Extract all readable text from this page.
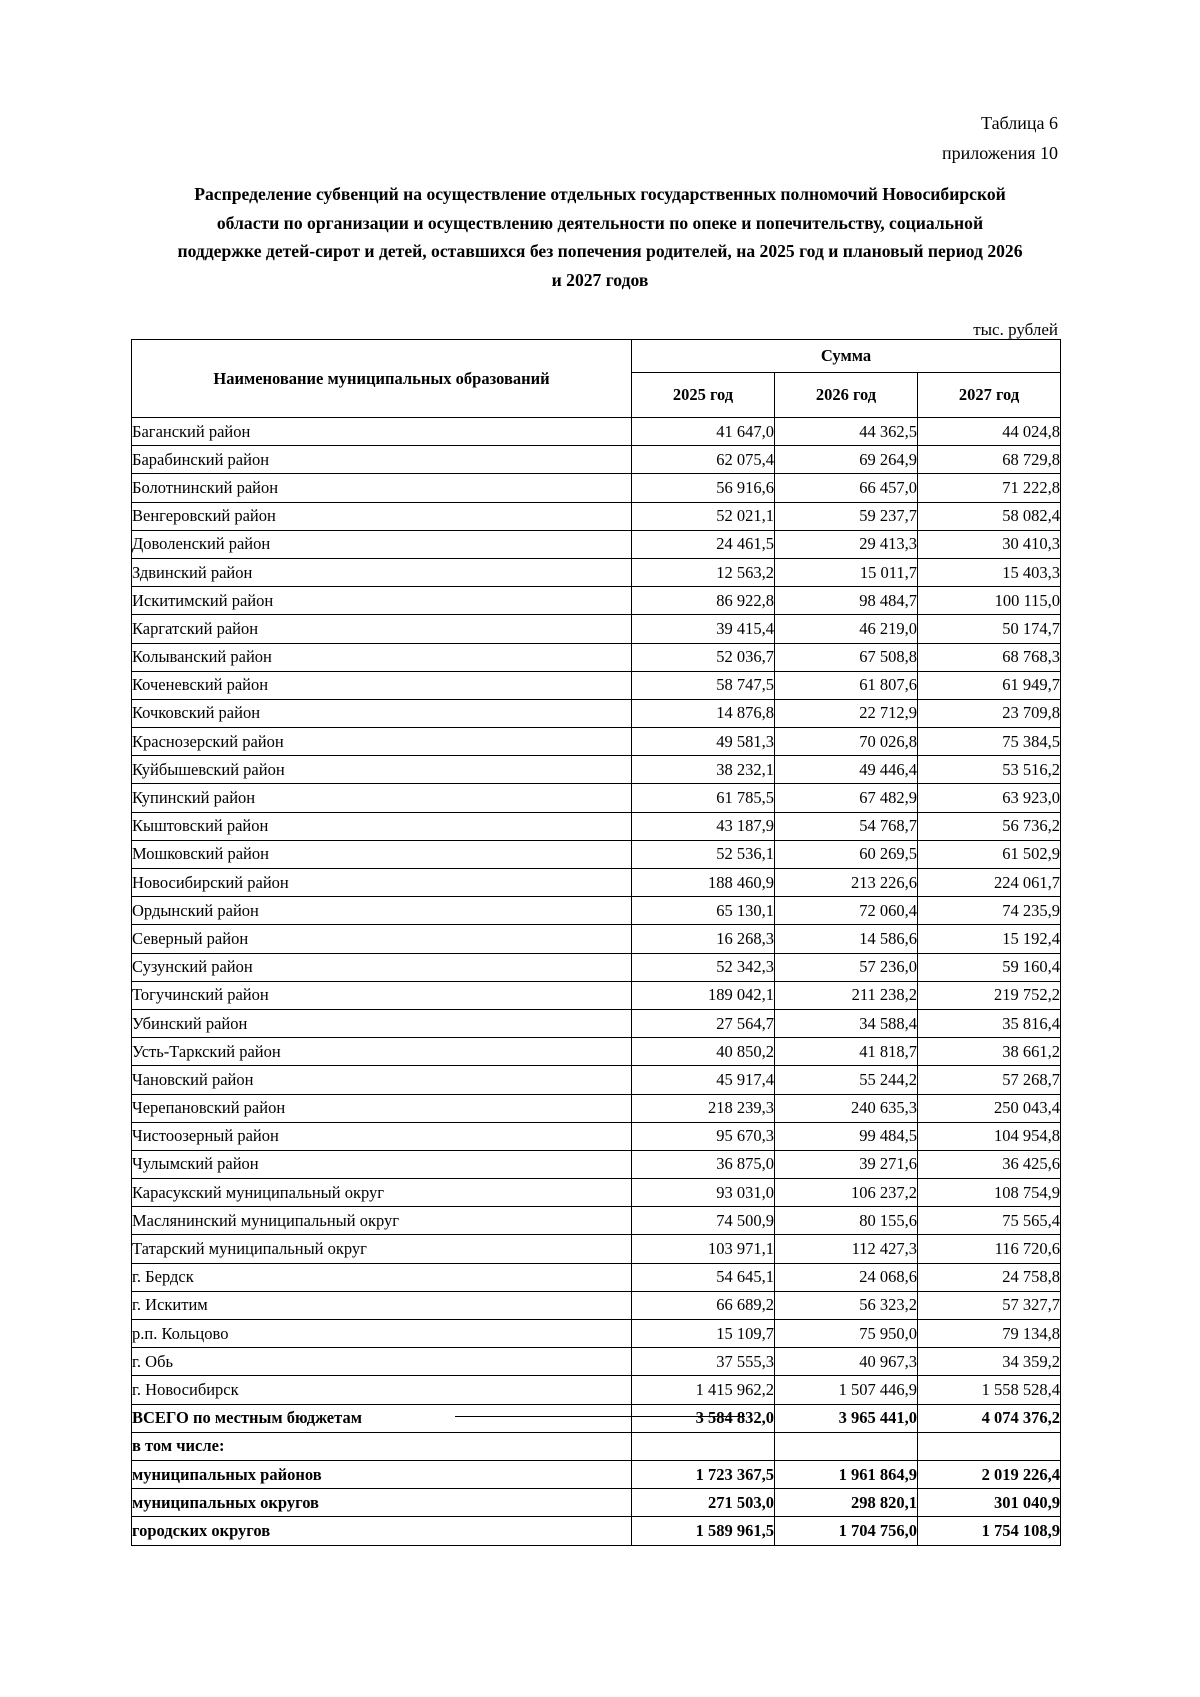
Таблица 6
приложения 10
Распределение субвенций на осуществление отдельных государственных полномочий Новосибирской
области по организации и осуществлению деятельности по опеке и попечительству, социальной
поддержке детей-сирот и детей, оставшихся без попечения родителей, на 2025 год и плановый период 2026
и 2027 годов
тыс. рублей
Наименование муниципальных образований	Сумма		
	2025 год	2026 год	2027 год
Баганский район	41 647,0	44 362,5	44 024,8
Барабинский район	62 075,4	69 264,9	68 729,8
Болотнинский район	56 916,6	66 457,0	71 222,8
Венгеровский район	52 021,1	59 237,7	58 082,4
Доволенский район	24 461,5	29 413,3	30 410,3
Здвинский район	12 563,2	15 011,7	15 403,3
Искитимский район	86 922,8	98 484,7	100 115,0
Каргатский район	39 415,4	46 219,0	50 174,7
Колыванский район	52 036,7	67 508,8	68 768,3
Коченевский район	58 747,5	61 807,6	61 949,7
Кочковский район	14 876,8	22 712,9	23 709,8
Краснозерский район	49 581,3	70 026,8	75 384,5
Куйбышевский район	38 232,1	49 446,4	53 516,2
Купинский район	61 785,5	67 482,9	63 923,0
Кыштовский район	43 187,9	54 768,7	56 736,2
Мошковский район	52 536,1	60 269,5	61 502,9
Новосибирский район	188 460,9	213 226,6	224 061,7
Ордынский район	65 130,1	72 060,4	74 235,9
Северный район	16 268,3	14 586,6	15 192,4
Сузунский район	52 342,3	57 236,0	59 160,4
Тогучинский район	189 042,1	211 238,2	219 752,2
Убинский район	27 564,7	34 588,4	35 816,4
Усть-Таркский район	40 850,2	41 818,7	38 661,2
Чановский район	45 917,4	55 244,2	57 268,7
Черепановский район	218 239,3	240 635,3	250 043,4
Чистоозерный район	95 670,3	99 484,5	104 954,8
Чулымский район	36 875,0	39 271,6	36 425,6
Карасукский муниципальный округ	93 031,0	106 237,2	108 754,9
Маслянинский муниципальный округ	74 500,9	80 155,6	75 565,4
Татарский муниципальный округ	103 971,1	112 427,3	116 720,6
г. Бердск	54 645,1	24 068,6	24 758,8
г. Искитим	66 689,2	56 323,2	57 327,7
р.п. Кольцово	15 109,7	75 950,0	79 134,8
г. Обь	37 555,3	40 967,3	34 359,2
г. Новосибирск	1 415 962,2	1 507 446,9	1 558 528,4
ВСЕГО по местным бюджетам	3 584 832,0	3 965 441,0	4 074 376,2
в том числе:			
муниципальных районов	1 723 367,5	1 961 864,9	2 019 226,4
муниципальных округов	271 503,0	298 820,1	301 040,9
городских округов	1 589 961,5	1 704 756,0	1 754 108,9
